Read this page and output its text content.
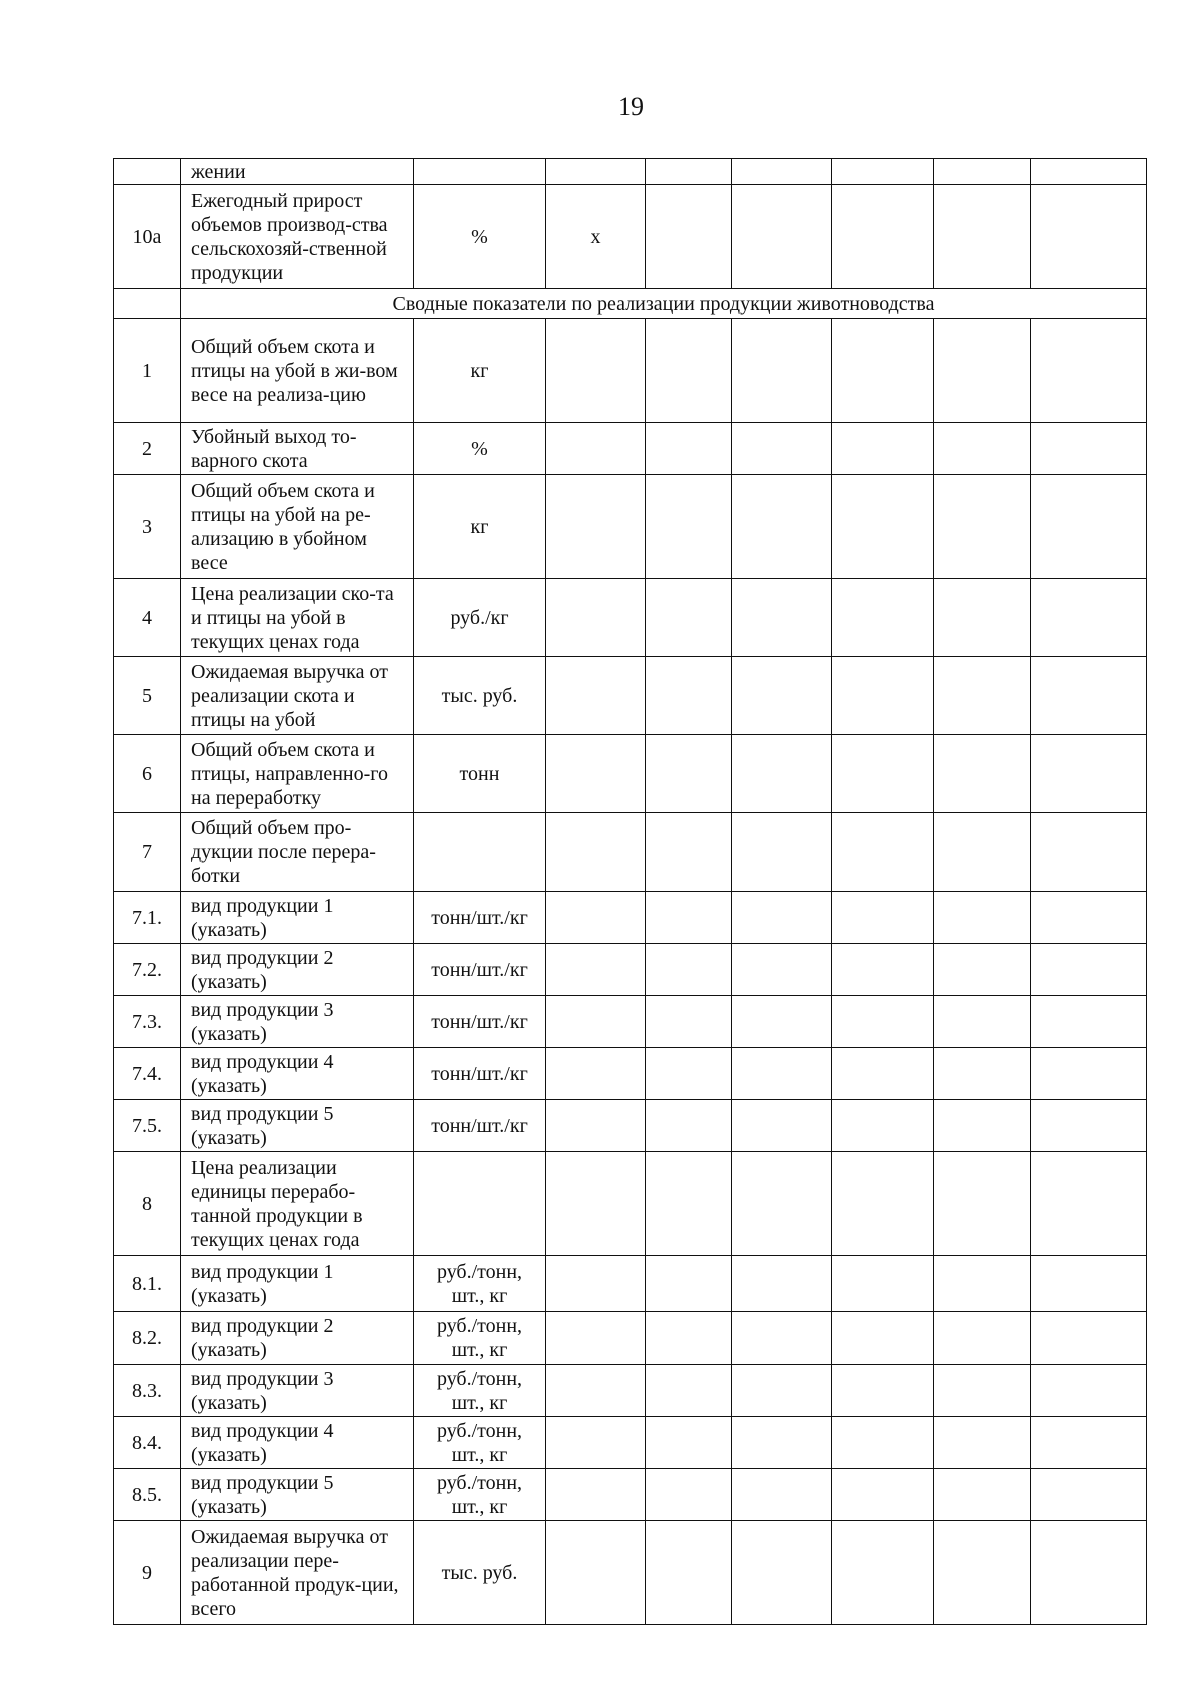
19
	жении							
10а	Ежегодный прирост объемов производ-ства сельскохозяй-ственной продукции	%	х					
	Сводные показатели по реализации продукции животноводства							
1	Общий объем скота и птицы на убой в жи-вом весе на реализа-цию	кг						
2	Убойный выход то-варного скота	%						
3	Общий объем скота и птицы на убой на ре-ализацию в убойном весе	кг						
4	Цена реализации ско-та и птицы на убой в текущих ценах года	руб./кг						
5	Ожидаемая выручка от реализации скота и птицы на убой	тыс. руб.						
6	Общий объем скота и птицы, направленно-го на переработку	тонн						
7	Общий объем про-дукции после перера-ботки							
7.1.	вид продукции 1 (указать)	тонн/шт./кг						
7.2.	вид продукции 2 (указать)	тонн/шт./кг						
7.3.	вид продукции 3 (указать)	тонн/шт./кг						
7.4.	вид продукции 4 (указать)	тонн/шт./кг						
7.5.	вид продукции 5 (указать)	тонн/шт./кг						
8	Цена реализации единицы перерабо-танной продукции в текущих ценах года							
8.1.	вид продукции 1 (указать)	руб./тонн, шт., кг						
8.2.	вид продукции 2 (указать)	руб./тонн, шт., кг						
8.3.	вид продукции 3 (указать)	руб./тонн, шт., кг						
8.4.	вид продукции 4 (указать)	руб./тонн, шт., кг						
8.5.	вид продукции 5 (указать)	руб./тонн, шт., кг						
9	Ожидаемая выручка от реализации пере-работанной продук-ции, всего	тыс. руб.						
